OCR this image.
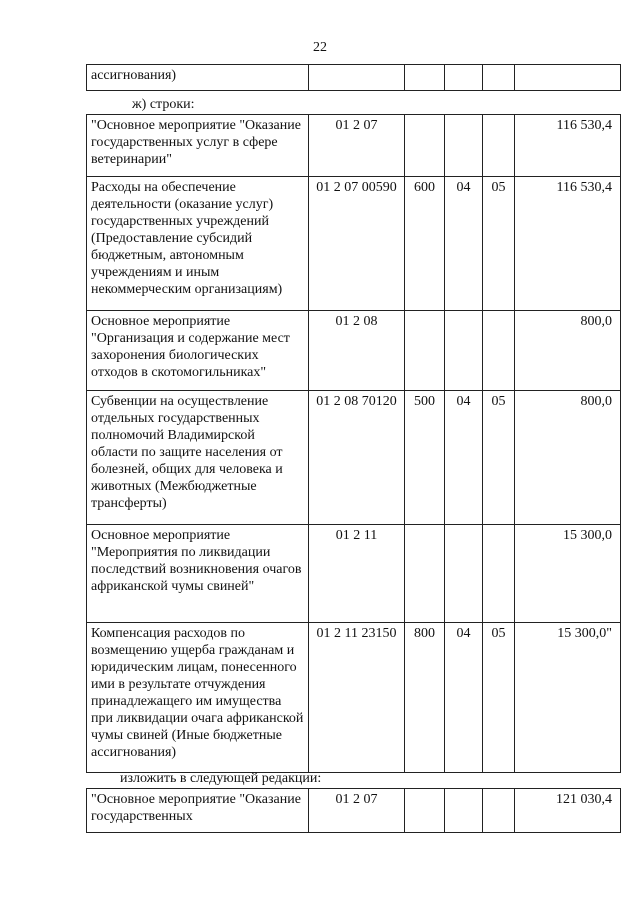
22
ассигнования)					
ж) строки:
"Основное мероприятие "Оказание государственных услуг в сфере ветеринарии"	01 2 07				116 530,4
Расходы на обеспечение деятельности (оказание услуг) государственных учреждений (Предоставление субсидий бюджетным, автономным учреждениям и иным некоммерческим организациям)	01 2 07 00590	600	04	05	116 530,4
Основное мероприятие "Организация и содержание мест захоронения биологических отходов в скотомогильниках"	01 2 08				800,0
Субвенции на осуществление отдельных государственных полномочий Владимирской области по защите населения от болезней, общих для человека и животных (Межбюджетные трансферты)	01 2 08 70120	500	04	05	800,0
Основное мероприятие "Мероприятия по ликвидации последствий возникновения очагов африканской чумы свиней"	01 2 11				15 300,0
Компенсация расходов по возмещению ущерба гражданам и юридическим лицам, понесенного ими в результате отчуждения принадлежащего им имущества при ликвидации очага африканской чумы свиней (Иные бюджетные ассигнования)	01 2 11 23150	800	04	05	15 300,0"
изложить в следующей редакции:
"Основное мероприятие "Оказание государственных	01 2 07				121 030,4
